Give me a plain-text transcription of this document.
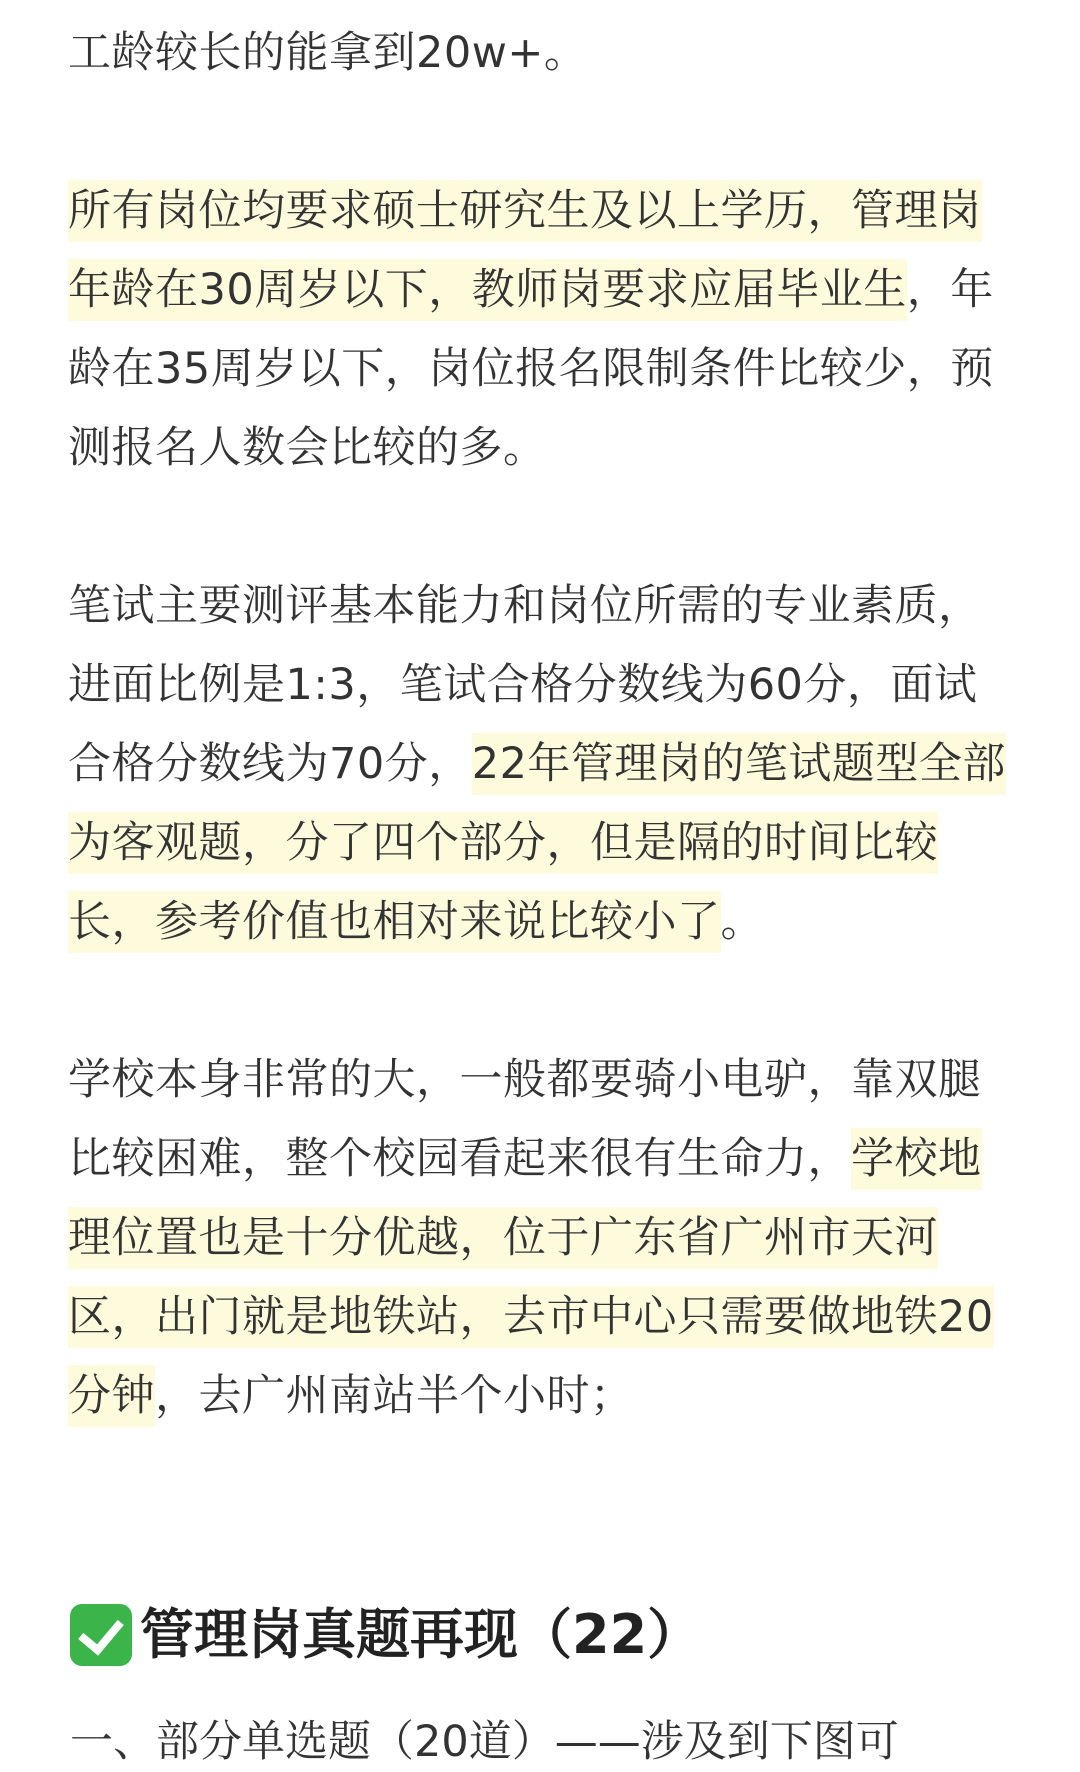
工龄较长的能拿到20w+。

所有岗位均要求硕士研究生及以上学历，管理岗年龄在30周岁以下，教师岗要求应届毕业生，年龄在35周岁以下，岗位报名限制条件比较少，预测报名人数会比较的多。

笔试主要测评基本能力和岗位所需的专业素质，进面比例是1:3，笔试合格分数线为60分，面试合格分数线为70分，22年管理岗的笔试题型全部为客观题，分了四个部分，但是隔的时间比较长，参考价值也相对来说比较小了。

学校本身非常的大，一般都要骑小电驴，靠双腿比较困难，整个校园看起来很有生命力，学校地理位置也是十分优越，位于广东省广州市天河区，出门就是地铁站，去市中心只需要做地铁20分钟，去广州南站半个小时；

管理岗真题再现（22）
一、部分单选题（20道）——涉及到下图可
